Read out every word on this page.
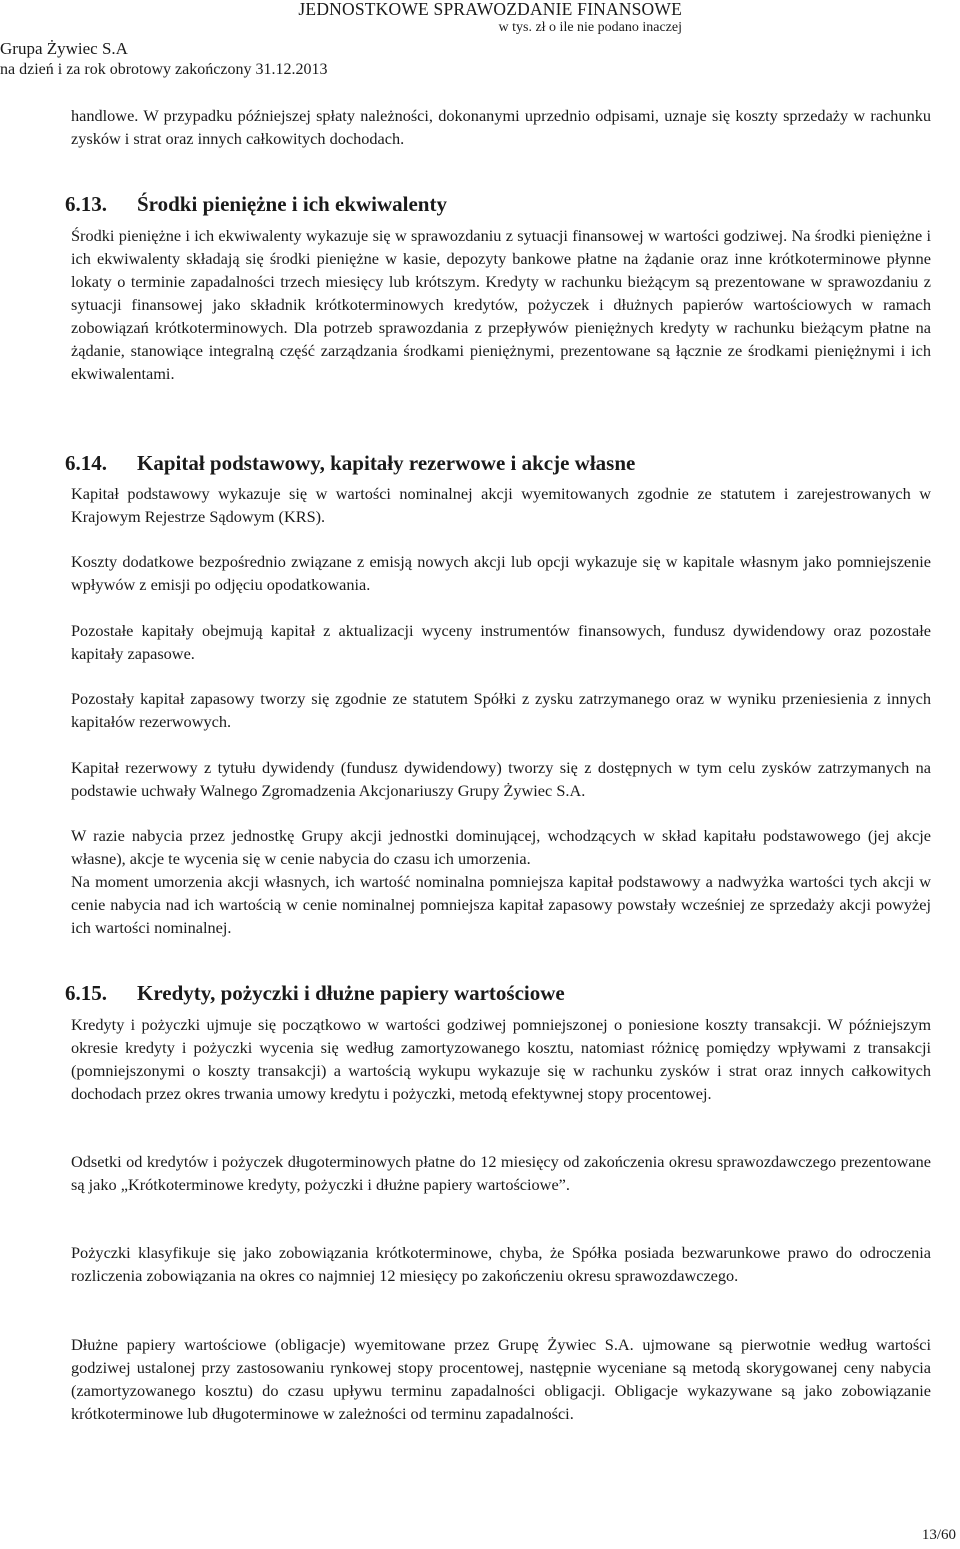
Grupa Żywiec S.A
na dzień i za rok obrotowy zakończony 31.12.2013
JEDNOSTKOWE SPRAWOZDANIE FINANSOWE
w tys. zł o ile nie podano inaczej

handlowe. W przypadku późniejszej spłaty należności, dokonanymi uprzednio odpisami, uznaje się koszty sprzedaży w rachunku zysków i strat oraz innych całkowitych dochodach.

6.13. Środki pieniężne i ich ekwiwalenty

Środki pieniężne i ich ekwiwalenty wykazuje się w sprawozdaniu z sytuacji finansowej w wartości godziwej. Na środki pieniężne i ich ekwiwalenty składają się środki pieniężne w kasie, depozyty bankowe płatne na żądanie oraz inne krótkoterminowe płynne lokaty o terminie zapadalności trzech miesięcy lub krótszym. Kredyty w rachunku bieżącym są prezentowane w sprawozdaniu z sytuacji finansowej jako składnik krótkoterminowych kredytów, pożyczek i dłużnych papierów wartościowych w ramach zobowiązań krótkoterminowych. Dla potrzeb sprawozdania z przepływów pieniężnych kredyty w rachunku bieżącym płatne na żądanie, stanowiące integralną część zarządzania środkami pieniężnymi, prezentowane są łącznie ze środkami pieniężnymi i ich ekwiwalentami.

6.14. Kapitał podstawowy, kapitały rezerwowe i akcje własne

Kapitał podstawowy wykazuje się w wartości nominalnej akcji wyemitowanych zgodnie ze statutem i zarejestrowanych w Krajowym Rejestrze Sądowym (KRS).

Koszty dodatkowe bezpośrednio związane z emisją nowych akcji lub opcji wykazuje się w kapitale własnym jako pomniejszenie wpływów z emisji po odjęciu opodatkowania.

Pozostałe kapitały obejmują kapitał z aktualizacji wyceny instrumentów finansowych, fundusz dywidendowy oraz pozostałe kapitały zapasowe.

Pozostały kapitał zapasowy tworzy się zgodnie ze statutem Spółki z zysku zatrzymanego oraz w wyniku przeniesienia z innych kapitałów rezerwowych.

Kapitał rezerwowy z tytułu dywidendy (fundusz dywidendowy) tworzy się z dostępnych w tym celu zysków zatrzymanych na podstawie uchwały Walnego Zgromadzenia Akcjonariuszy Grupy Żywiec S.A.

W razie nabycia przez jednostkę Grupy akcji jednostki dominującej, wchodzących w skład kapitału podstawowego (jej akcje własne), akcje te wycenia się w cenie nabycia do czasu ich umorzenia.

Na moment umorzenia akcji własnych, ich wartość nominalna pomniejsza kapitał podstawowy a nadwyżka wartości tych akcji w cenie nabycia nad ich wartością w cenie nominalnej pomniejsza kapitał zapasowy powstały wcześniej ze sprzedaży akcji powyżej ich wartości nominalnej.

6.15. Kredyty, pożyczki i dłużne papiery wartościowe

Kredyty i pożyczki ujmuje się początkowo w wartości godziwej pomniejszonej o poniesione koszty transakcji. W późniejszym okresie kredyty i pożyczki wycenia się według zamortyzowanego kosztu, natomiast różnicę pomiędzy wpływami z transakcji (pomniejszonymi o koszty transakcji) a wartością wykupu wykazuje się w rachunku zysków i strat oraz innych całkowitych dochodach przez okres trwania umowy kredytu i pożyczki, metodą efektywnej stopy procentowej.

Odsetki od kredytów i pożyczek długoterminowych płatne do 12 miesięcy od zakończenia okresu sprawozdawczego prezentowane są jako „Krótkoterminowe kredyty, pożyczki i dłużne papiery wartościowe”.

Pożyczki klasyfikuje się jako zobowiązania krótkoterminowe, chyba, że Spółka posiada bezwarunkowe prawo do odroczenia rozliczenia zobowiązania na okres co najmniej 12 miesięcy po zakończeniu okresu sprawozdawczego.

Dłużne papiery wartościowe (obligacje) wyemitowane przez Grupę Żywiec S.A. ujmowane są pierwotnie według wartości godziwej ustalonej przy zastosowaniu rynkowej stopy procentowej, następnie wyceniane są metodą skorygowanej ceny nabycia (zamortyzowanego kosztu) do czasu upływu terminu zapadalności obligacji. Obligacje wykazywane są jako zobowiązanie krótkoterminowe lub długoterminowe w zależności od terminu zapadalności.

13/60
